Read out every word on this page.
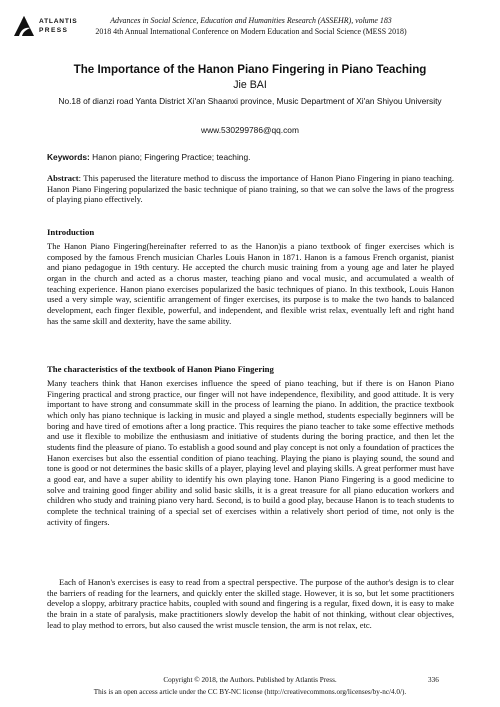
ATLANTIS
PRESS
Advances in Social Science, Education and Humanities Research (ASSEHR), volume 183
2018 4th Annual International Conference on Modern Education and Social Science (MESS 2018)
The Importance of the Hanon Piano Fingering in Piano Teaching
Jie BAI
No.18 of dianzi road Yanta District Xi'an Shaanxi province, Music Department of Xi'an Shiyou University
www.530299786@qq.com
Keywords: Hanon piano; Fingering Practice; teaching.
Abstract: This paperused the literature method to discuss the importance of Hanon Piano Fingering in piano teaching. Hanon Piano Fingering popularized the basic technique of piano training, so that we can solve the laws of the progress of playing piano effectively.
Introduction
The Hanon Piano Fingering(hereinafter referred to as the Hanon)is a piano textbook of finger exercises which is composed by the famous French musician Charles Louis Hanon in 1871. Hanon is a famous French organist, pianist and piano pedagogue in 19th century. He accepted the church music training from a young age and later he played organ in the church and acted as a chorus master, teaching piano and vocal music, and accumulated a wealth of teaching experience. Hanon piano exercises popularized the basic techniques of piano. In this textbook, Louis Hanon used a very simple way, scientific arrangement of finger exercises, its purpose is to make the two hands to balanced development, each finger flexible, powerful, and independent, and flexible wrist relax, eventually left and right hand has the same skill and dexterity, have the same ability.
The characteristics of the textbook of Hanon Piano Fingering
Many teachers think that Hanon exercises influence the speed of piano teaching, but if there is on Hanon Piano Fingering practical and strong practice, our finger will not have independence, flexibility, and good attitude. It is very important to have strong and consummate skill in the process of learning the piano. In addition, the practice textbook which only has piano technique is lacking in music and played a single method, students especially beginners will be boring and have tired of emotions after a long practice. This requires the piano teacher to take some effective methods and use it flexible to mobilize the enthusiasm and initiative of students during the boring practice, and then let the students find the pleasure of piano. To establish a good sound and play concept is not only a foundation of practices the Hanon exercises but also the essential condition of piano teaching. Playing the piano is playing sound, the sound and tone is good or not determines the basic skills of a player, playing level and playing skills. A great performer must have a good ear, and have a super ability to identify his own playing tone. Hanon Piano Fingering is a good medicine to solve and training good finger ability and solid basic skills, it is a great treasure for all piano education workers and children who study and training piano very hard. Second, is to build a good play, because Hanon is to teach students to complete the technical training of a special set of exercises within a relatively short period of time, not only is the activity of fingers.
Each of Hanon's exercises is easy to read from a spectral perspective. The purpose of the author's design is to clear the barriers of reading for the learners, and quickly enter the skilled stage. However, it is so, but let some practitioners develop a sloppy, arbitrary practice habits, coupled with sound and fingering is a regular, fixed down, it is easy to make the brain in a state of paralysis, make practitioners slowly develop the habit of not thinking, without clear objectives, lead to play method to errors, but also caused the wrist muscle tension, the arm is not relax, etc.
Copyright © 2018, the Authors. Published by Atlantis Press.	336
This is an open access article under the CC BY-NC license (http://creativecommons.org/licenses/by-nc/4.0/).
